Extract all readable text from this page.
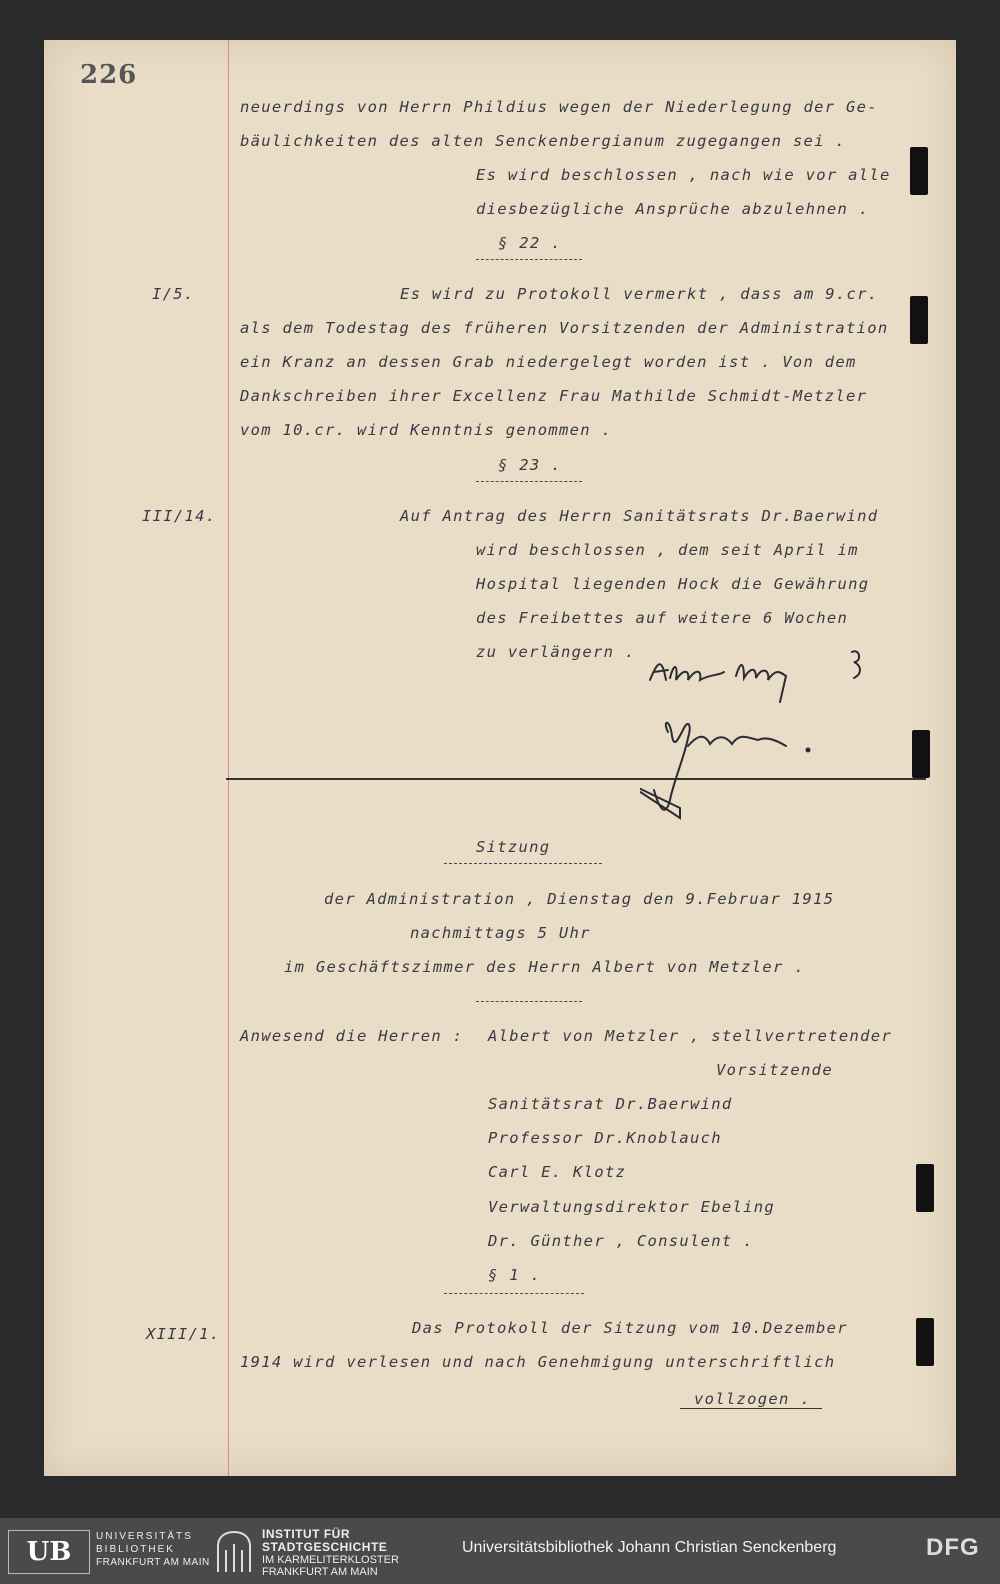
226
neuerdings von Herrn Phildius wegen der Niederlegung der Ge-
bäulichkeiten des alten Senckenbergianum zugegangen sei .
Es wird beschlossen , nach wie vor alle
diesbezügliche Ansprüche abzulehnen .
§ 22 .
I/5.	Es wird zu Protokoll vermerkt , dass am 9.cr.
als dem Todestag des früheren Vorsitzenden der Administration
ein Kranz an dessen Grab niedergelegt worden ist . Von dem
Dankschreiben ihrer Excellenz Frau Mathilde Schmidt-Metzler
vom 10.cr. wird Kenntnis genommen .
§ 23 .
III/14.	Auf Antrag des Herrn Sanitätsrats Dr.Baerwind
wird beschlossen , dem seit April im
Hospital liegenden Hock die Gewährung
des Freibettes auf weitere 6 Wochen
zu verlängern .
Sitzung
der Administration , Dienstag den 9.Februar 1915
nachmittags 5 Uhr
im Geschäftszimmer des Herrn Albert von Metzler .
Anwesend die Herren : Albert von Metzler , stellvertretender
Vorsitzende
Sanitätsrat Dr.Baerwind
Professor Dr.Knoblauch
Carl E. Klotz
Verwaltungsdirektor Ebeling
Dr. Günther , Consulent .
§ 1 .
XIII/1.	Das Protokoll der Sitzung vom 10.Dezember
1914 wird verlesen und nach Genehmigung unterschriftlich
vollzogen .
UB
UNIVERSITÄTS
BIBLIOTHEK
FRANKFURT AM MAIN
INSTITUT FÜR
STADTGESCHICHTE
IM KARMELITERKLOSTER
FRANKFURT AM MAIN
Universitätsbibliothek Johann Christian Senckenberg	DFG
